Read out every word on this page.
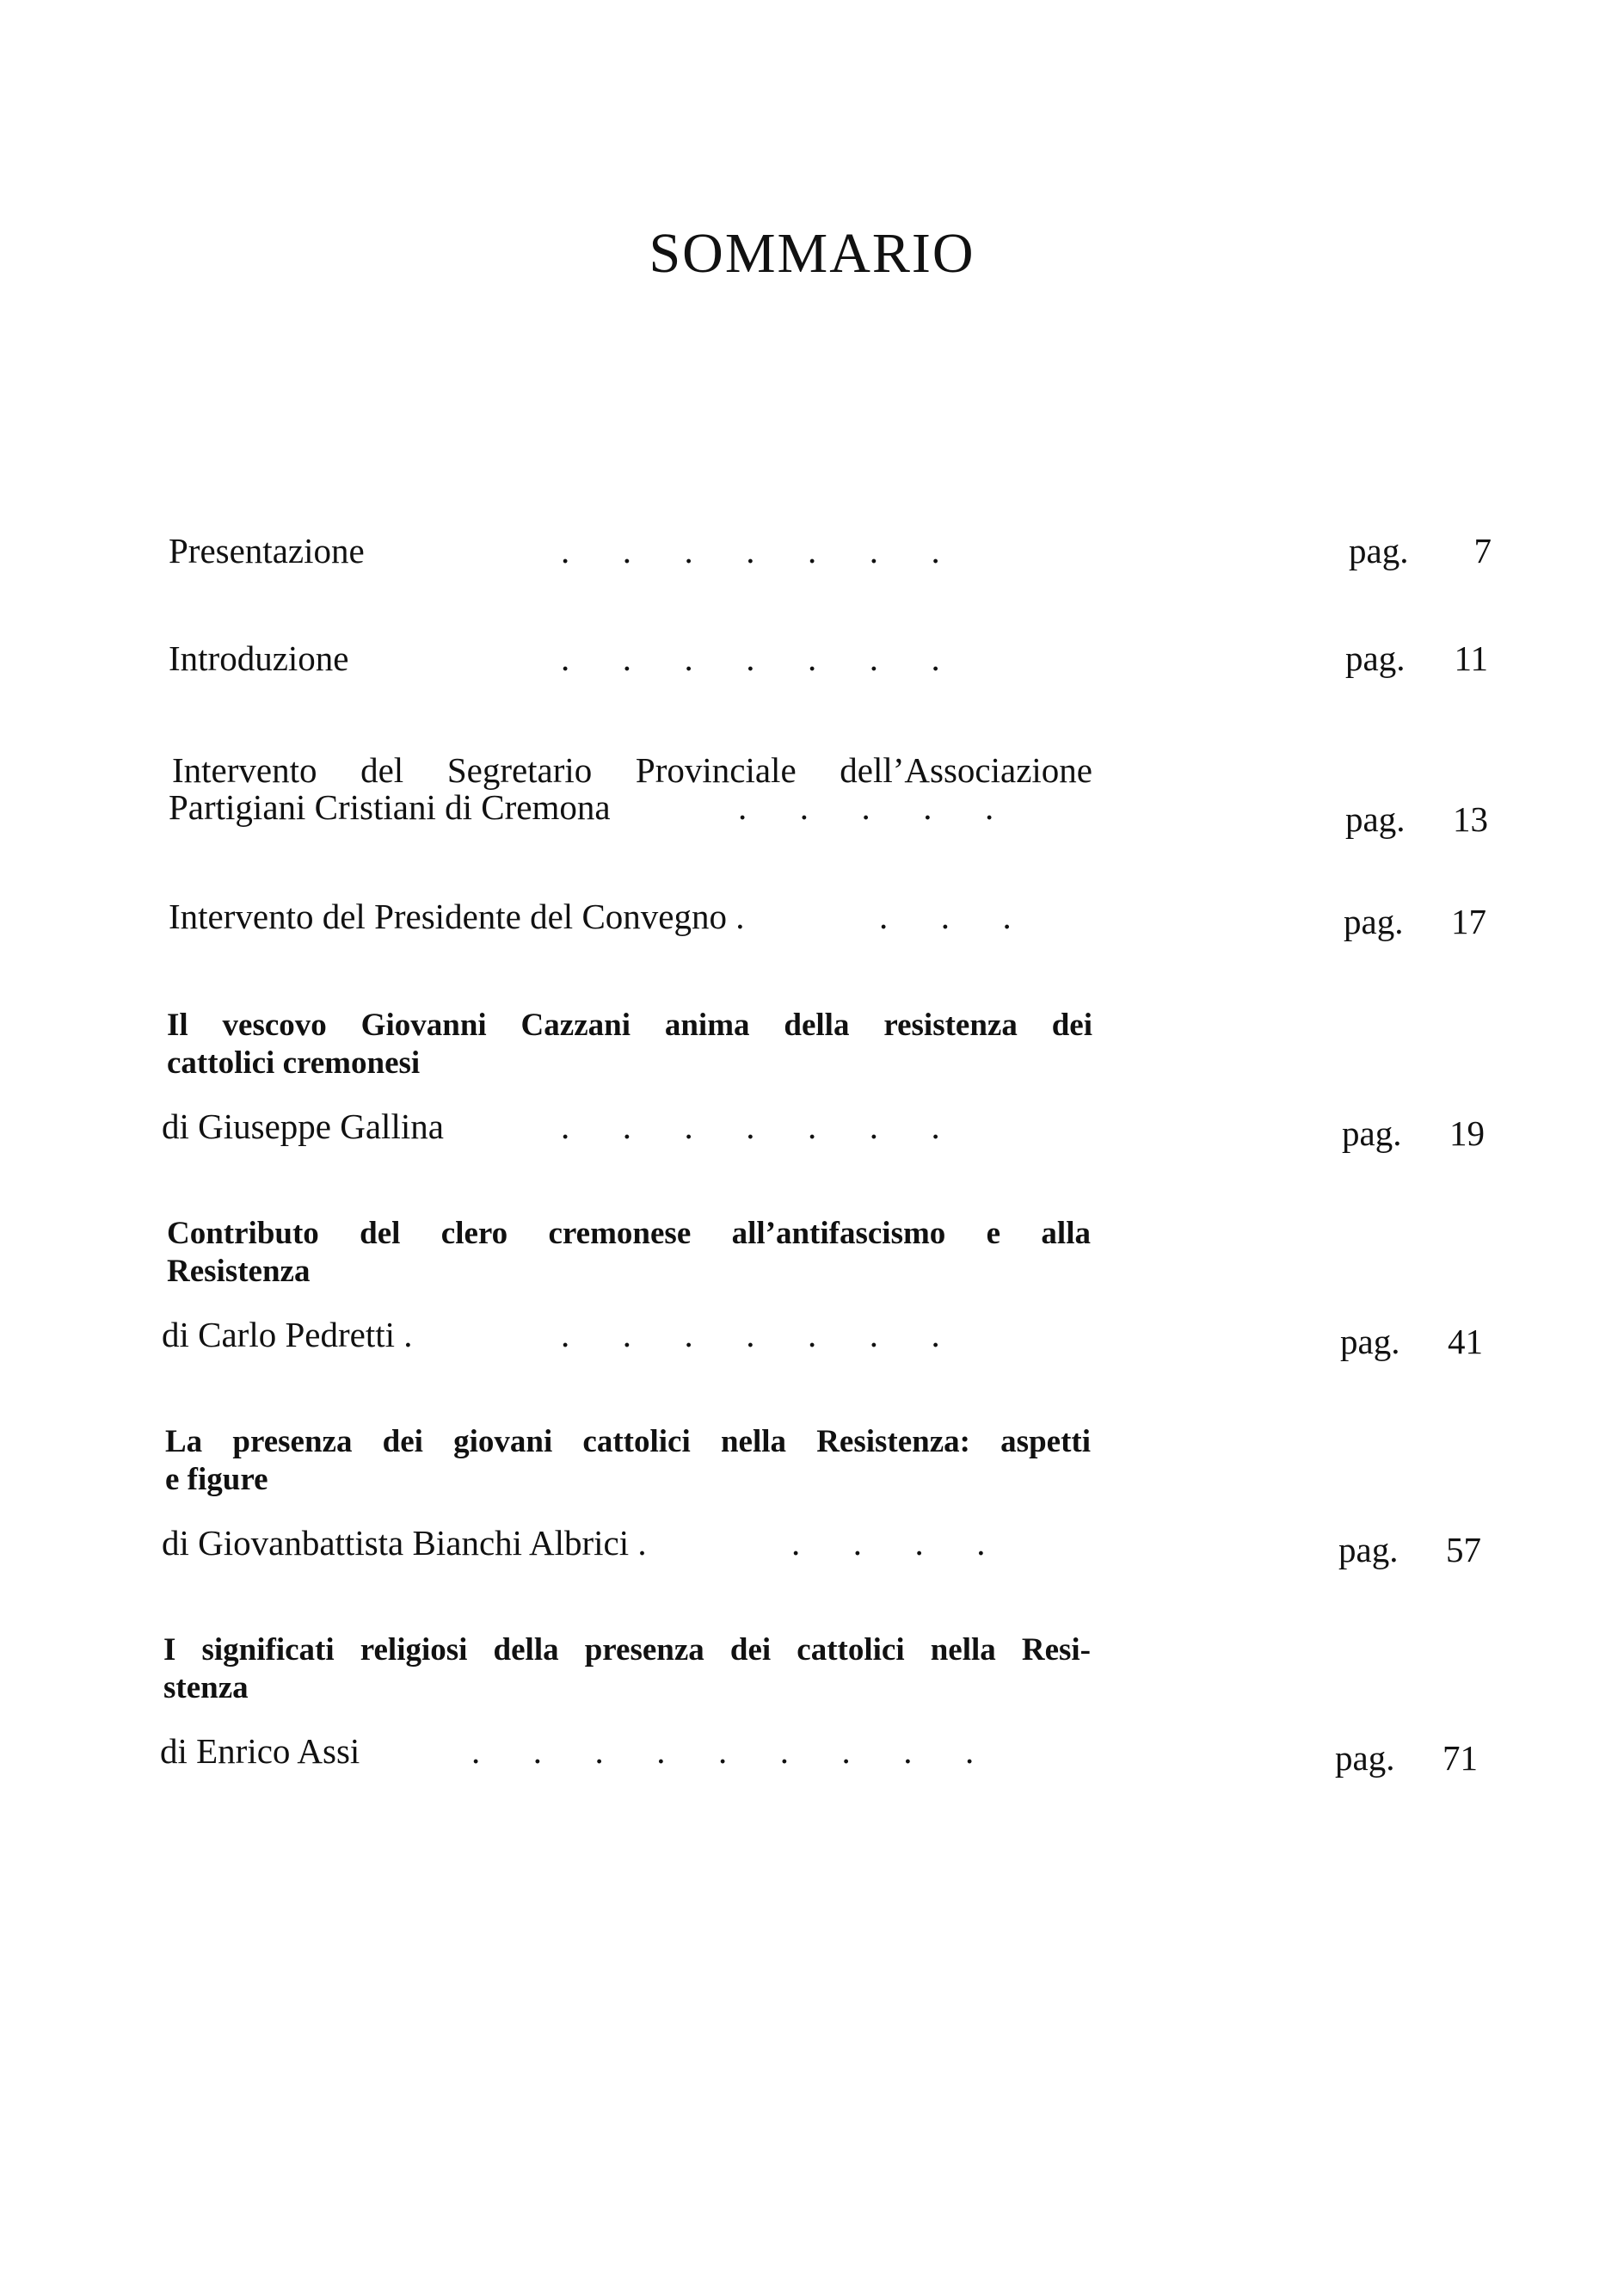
SOMMARIO
Presentazione	.      .      .      .      .      .      .	pag. 7
Introduzione	.      .      .      .      .      .      .	pag. 11
Intervento del Segretario Provinciale dell’Associazione
Partigiani Cristiani di Cremona	.      .      .      .      .	pag. 13
Intervento del Presidente del Convegno .	.      .      .	pag. 17
Il vescovo Giovanni Cazzani anima della resistenza dei
cattolici cremonesi
di Giuseppe Gallina	.      .      .      .      .      .      .	pag. 19
Contributo del clero cremonese all’antifascismo e alla
Resistenza
di Carlo Pedretti .	.      .      .      .      .      .      .	pag. 41
La presenza dei giovani cattolici nella Resistenza: aspetti
e figure
di Giovanbattista Bianchi Albrici .	.      .      .      .	pag. 57
I significati religiosi della presenza dei cattolici nella Resi-
stenza
di Enrico Assi	.      .      .      .      .      .      .      .      .	pag. 71
